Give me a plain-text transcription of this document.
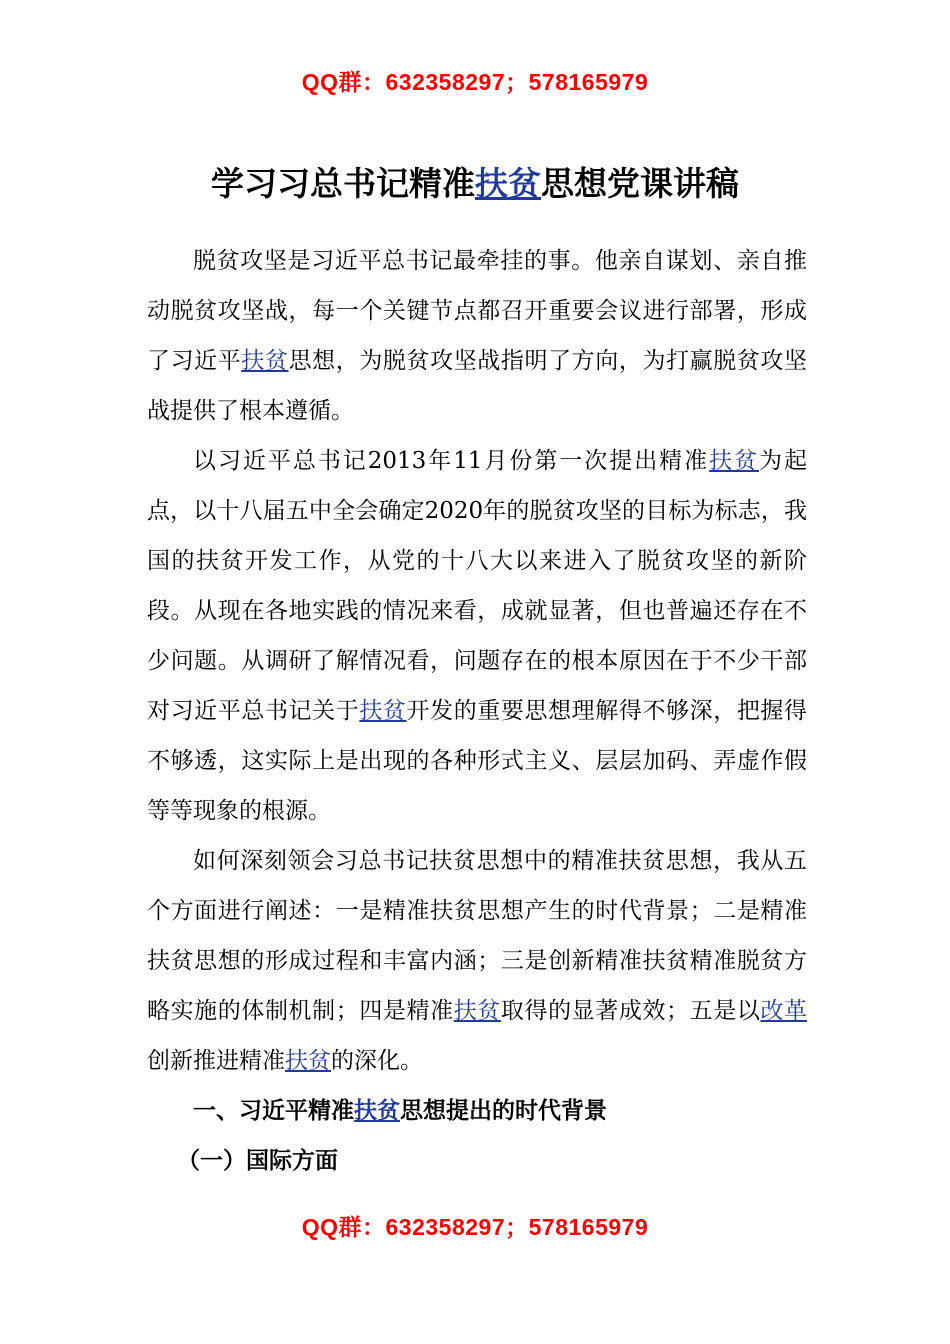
QQ群：632358297；578165979
学习习总书记精准扶贫思想党课讲稿

脱贫攻坚是习近平总书记最牵挂的事。他亲自谋划、亲自推动脱贫攻坚战，每一个关键节点都召开重要会议进行部署，形成了习近平扶贫思想，为脱贫攻坚战指明了方向，为打赢脱贫攻坚战提供了根本遵循。

以习近平总书记2013年11月份第一次提出精准扶贫为起点，以十八届五中全会确定2020年的脱贫攻坚的目标为标志，我国的扶贫开发工作，从党的十八大以来进入了脱贫攻坚的新阶段。从现在各地实践的情况来看，成就显著，但也普遍还存在不少问题。从调研了解情况看，问题存在的根本原因在于不少干部对习近平总书记关于扶贫开发的重要思想理解得不够深，把握得不够透，这实际上是出现的各种形式主义、层层加码、弄虚作假等等现象的根源。

如何深刻领会习总书记扶贫思想中的精准扶贫思想，我从五个方面进行阐述：一是精准扶贫思想产生的时代背景；二是精准扶贫思想的形成过程和丰富内涵；三是创新精准扶贫精准脱贫方略实施的体制机制；四是精准扶贫取得的显著成效；五是以改革创新推进精准扶贫的深化。

一、习近平精准扶贫思想提出的时代背景

（一）国际方面

QQ群：632358297；578165979
